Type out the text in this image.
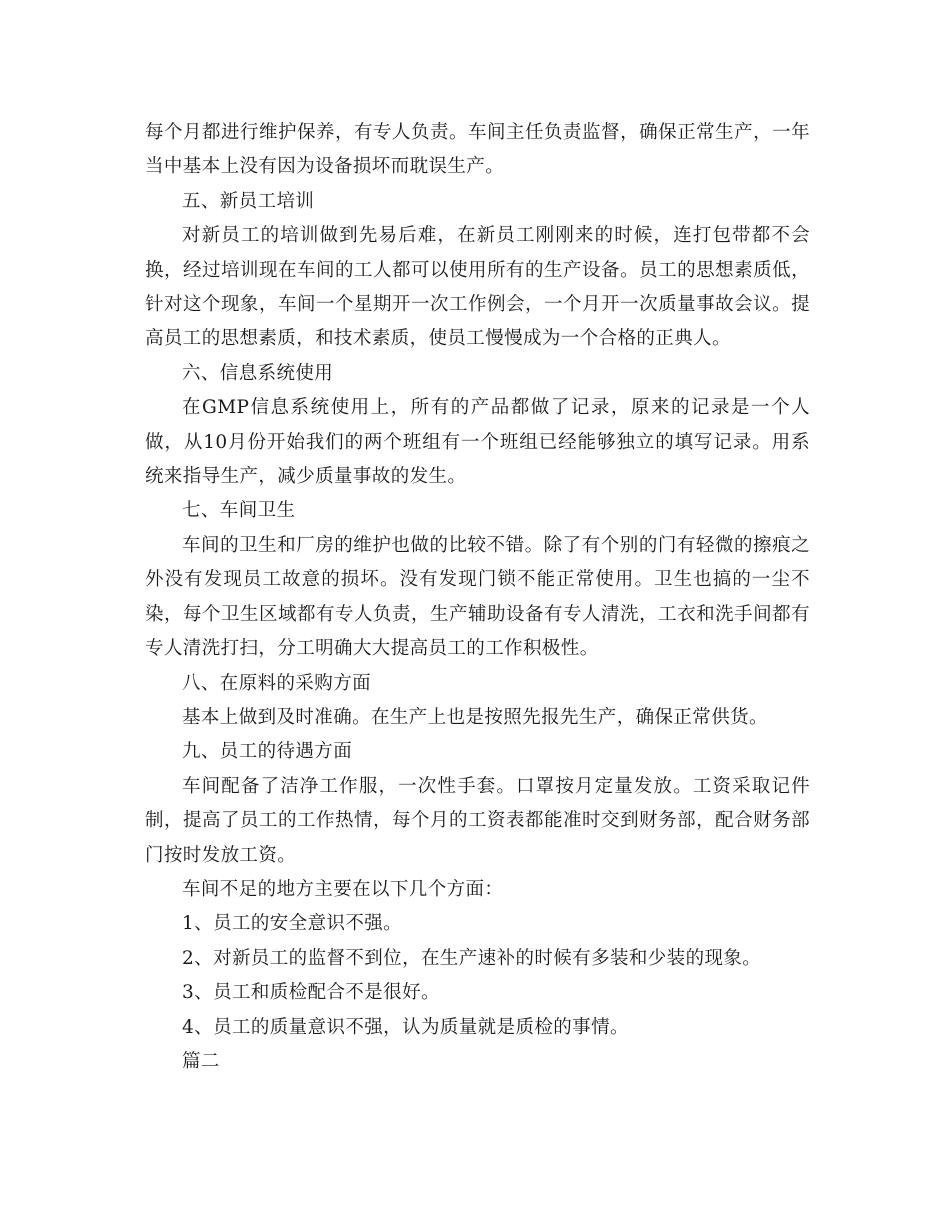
每个月都进行维护保养，有专人负责。车间主任负责监督，确保正常生产，一年当中基本上没有因为设备损坏而耽误生产。

五、新员工培训

对新员工的培训做到先易后难，在新员工刚刚来的时候，连打包带都不会换，经过培训现在车间的工人都可以使用所有的生产设备。员工的思想素质低，针对这个现象，车间一个星期开一次工作例会，一个月开一次质量事故会议。提高员工的思想素质，和技术素质，使员工慢慢成为一个合格的正典人。

六、信息系统使用

在GMP信息系统使用上，所有的产品都做了记录，原来的记录是一个人做，从10月份开始我们的两个班组有一个班组已经能够独立的填写记录。用系统来指导生产，减少质量事故的发生。

七、车间卫生

车间的卫生和厂房的维护也做的比较不错。除了有个别的门有轻微的擦痕之外没有发现员工故意的损坏。没有发现门锁不能正常使用。卫生也搞的一尘不染，每个卫生区域都有专人负责，生产辅助设备有专人清洗，工衣和洗手间都有专人清洗打扫，分工明确大大提高员工的工作积极性。

八、在原料的采购方面

基本上做到及时准确。在生产上也是按照先报先生产，确保正常供货。

九、员工的待遇方面

车间配备了洁净工作服，一次性手套。口罩按月定量发放。工资采取记件制，提高了员工的工作热情，每个月的工资表都能准时交到财务部，配合财务部门按时发放工资。

车间不足的地方主要在以下几个方面：

1、员工的安全意识不强。

2、对新员工的监督不到位，在生产速补的时候有多装和少装的现象。

3、员工和质检配合不是很好。

4、员工的质量意识不强，认为质量就是质检的事情。

篇二
